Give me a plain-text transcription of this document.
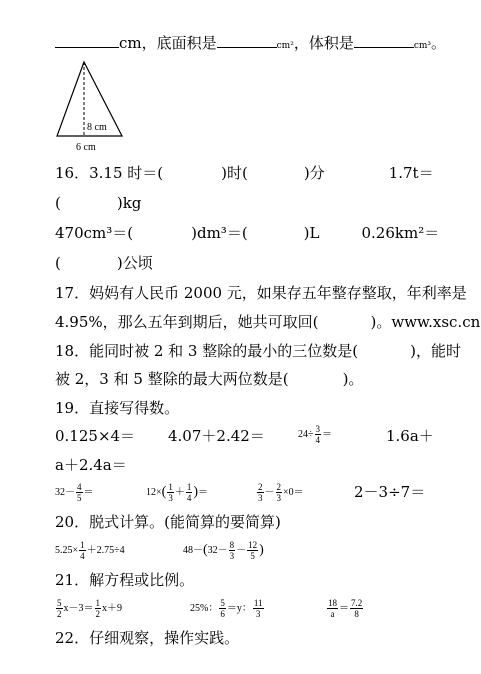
cm，底面积是	cm²，体积是	cm³。
8 cm
6 cm
16．3.15 时＝(	)时(	)分	1.7t＝
(	)kg
470cm³＝(	)dm³＝(	)L	0.26km²＝
(	)公顷
17．妈妈有人民币 2000 元，如果存五年整存整取，年利率是
4.95%，那么五年到期后，她共可取回(	)。www.xsc.cn
18．能同时被 2 和 3 整除的最小的三位数是(	)，能时
被 2，3 和 5 整除的最大两位数是(	)。
19．直接写得数。
0.125×4＝ 4.07＋2.42＝	$24\div \frac{3}{4}$ ＝	1.6a＋
a＋2.4a＝
$32- \frac{4}{5}$ ＝	$12\times( \frac{1}{3} + \frac{1}{4}$ )＝	$\frac{2}{3} - \frac{2}{3} \times 0=$	2－3÷7＝
20．脱式计算。(能简算的要简算)
$5.25\times \frac{1}{4} +2.75\div 4$	$48-(32- \frac{8}{3} - \frac{12}{5}$ )
21．解方程或比例。
$\frac{5}{2} x-3= \frac{1}{2} x+9$	25%： $\frac{5}{6} =y$： $\frac{11}{3}$	$\frac{18}{a} = \frac{7.2}{8}$
22．仔细观察，操作实践。
